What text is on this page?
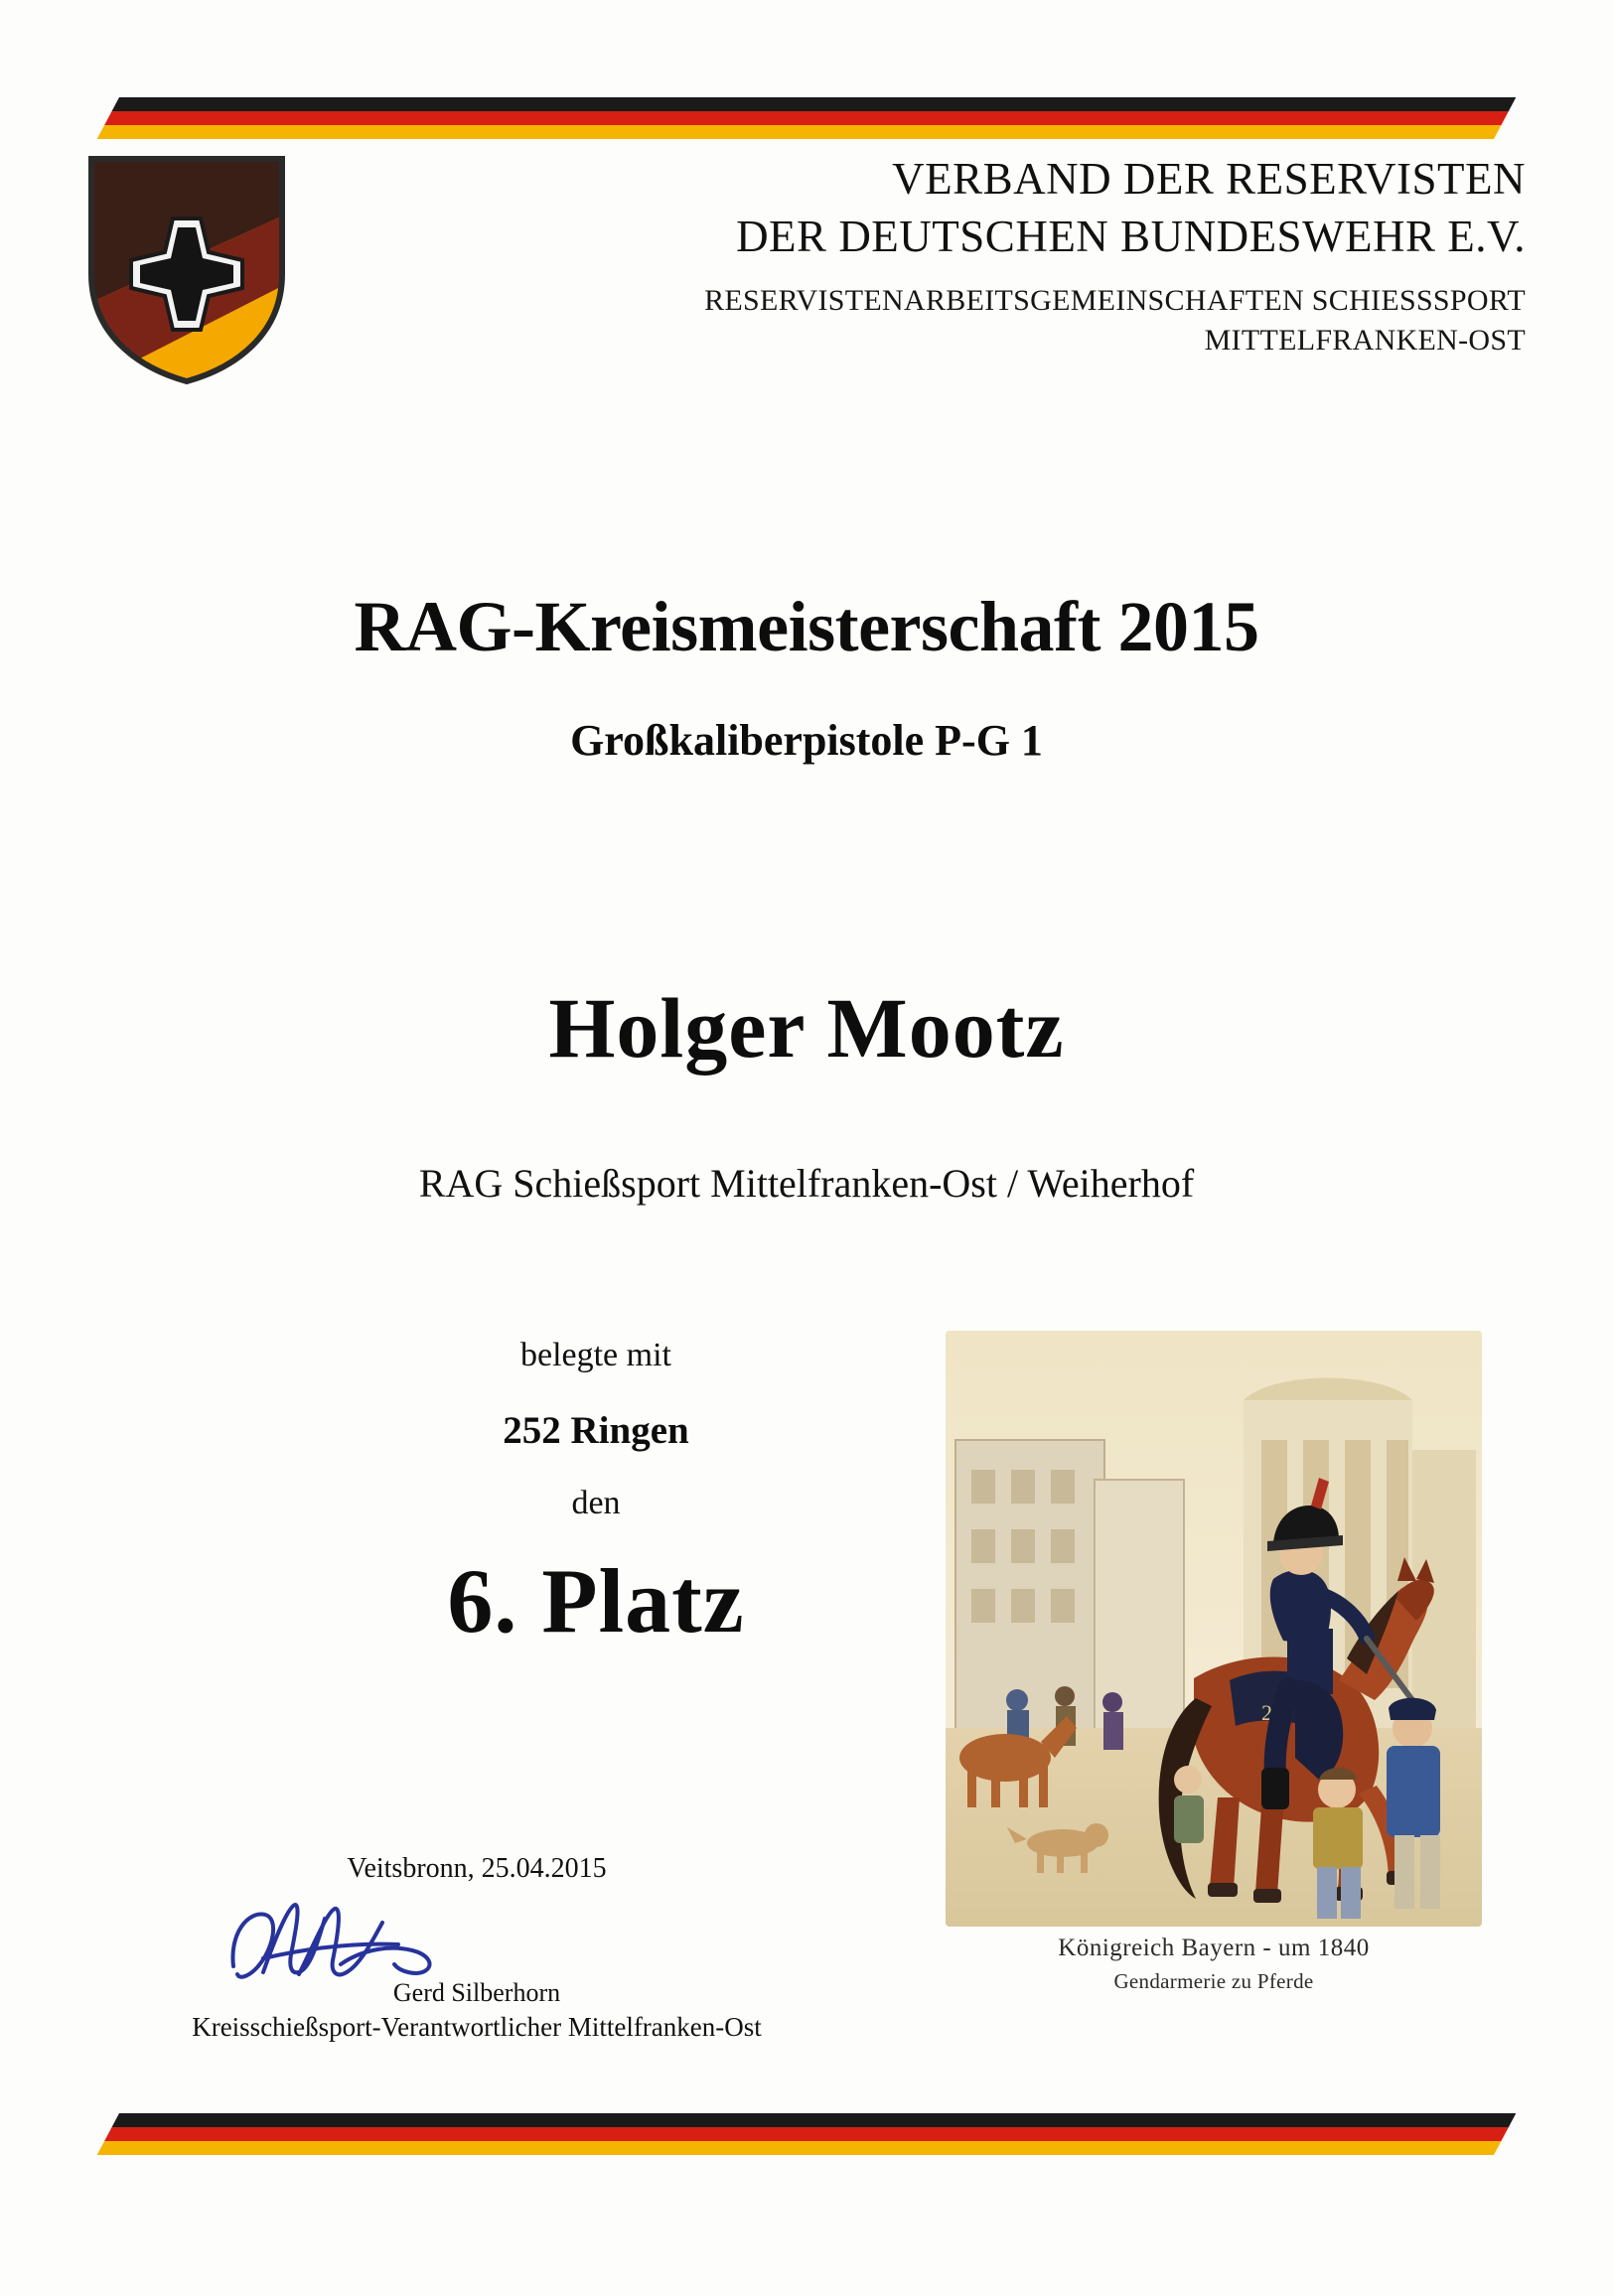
VERBAND DER RESERVISTEN
DER DEUTSCHEN BUNDESWEHR E.V.
RESERVISTENARBEITSGEMEINSCHAFTEN SCHIESSSPORT
MITTELFRANKEN-OST
RAG-Kreismeisterschaft 2015
Großkaliberpistole P-G 1
Holger Mootz
RAG Schießsport Mittelfranken-Ost / Weiherhof
belegte mit
252 Ringen
den
6. Platz
Veitsbronn, 25.04.2015
Gerd Silberhorn
Kreisschießsport-Verantwortlicher Mittelfranken-Ost
26
Königreich Bayern - um 1840
Gendarmerie zu Pferde
